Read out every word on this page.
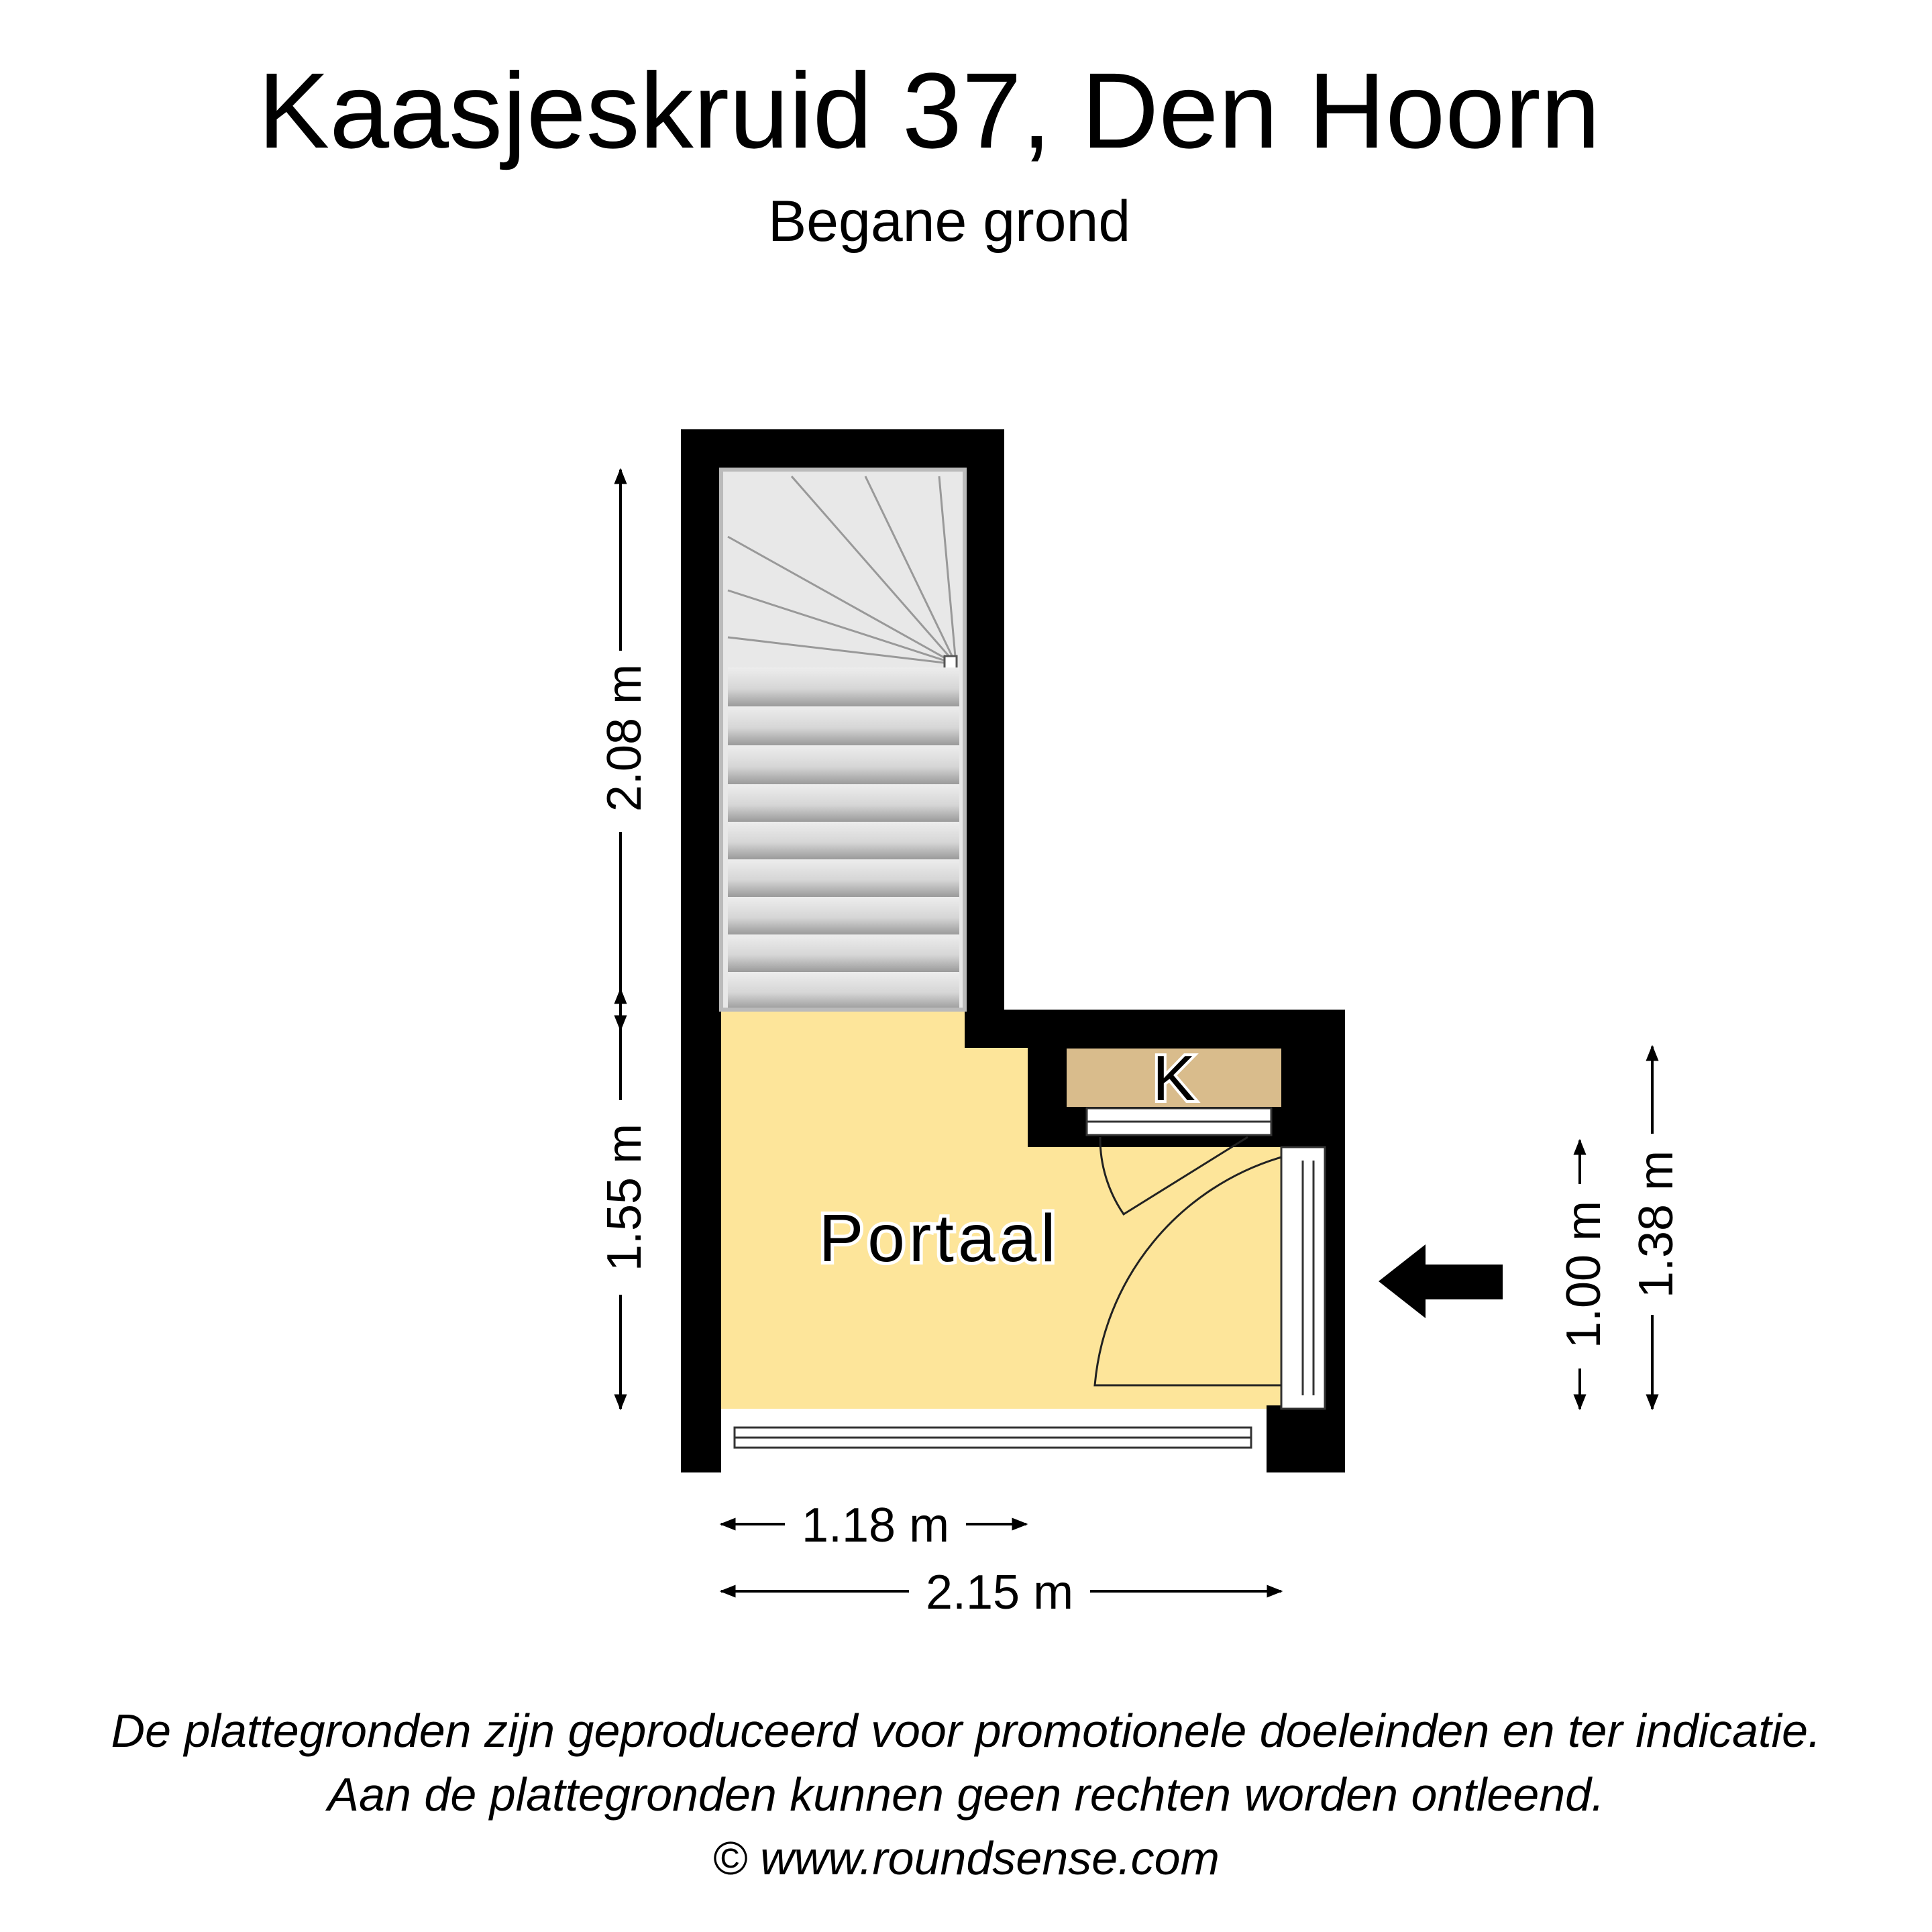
Kaasjeskruid 37, Den Hoorn
Begane grond
Portaal
K
2.08 m
1.55 m
1.18 m
2.15 m
1.00 m 1.38 m
De plattegronden zijn geproduceerd voor promotionele doeleinden en ter indicatie.
Aan de plattegronden kunnen geen rechten worden ontleend.
© www.roundsense.com
